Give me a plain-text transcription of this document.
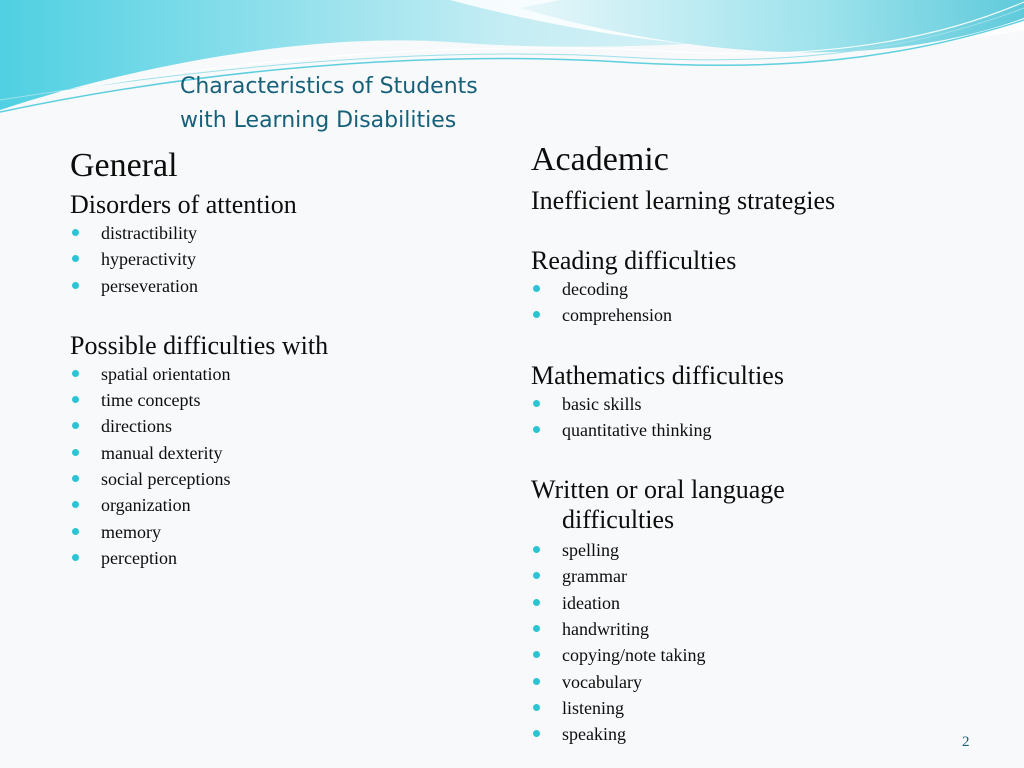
Characteristics of Students
with Learning Disabilities
General
Disorders of attention
distractibility
hyperactivity
perseveration
Possible difficulties with
spatial orientation
time concepts
directions
manual dexterity
social perceptions
organization
memory
perception
Academic
Inefficient learning strategies
Reading difficulties
decoding
comprehension
Mathematics difficulties
basic skills
quantitative thinking
Written or oral language
difficulties
spelling
grammar
ideation
handwriting
copying/note taking
vocabulary
listening
speaking	2
